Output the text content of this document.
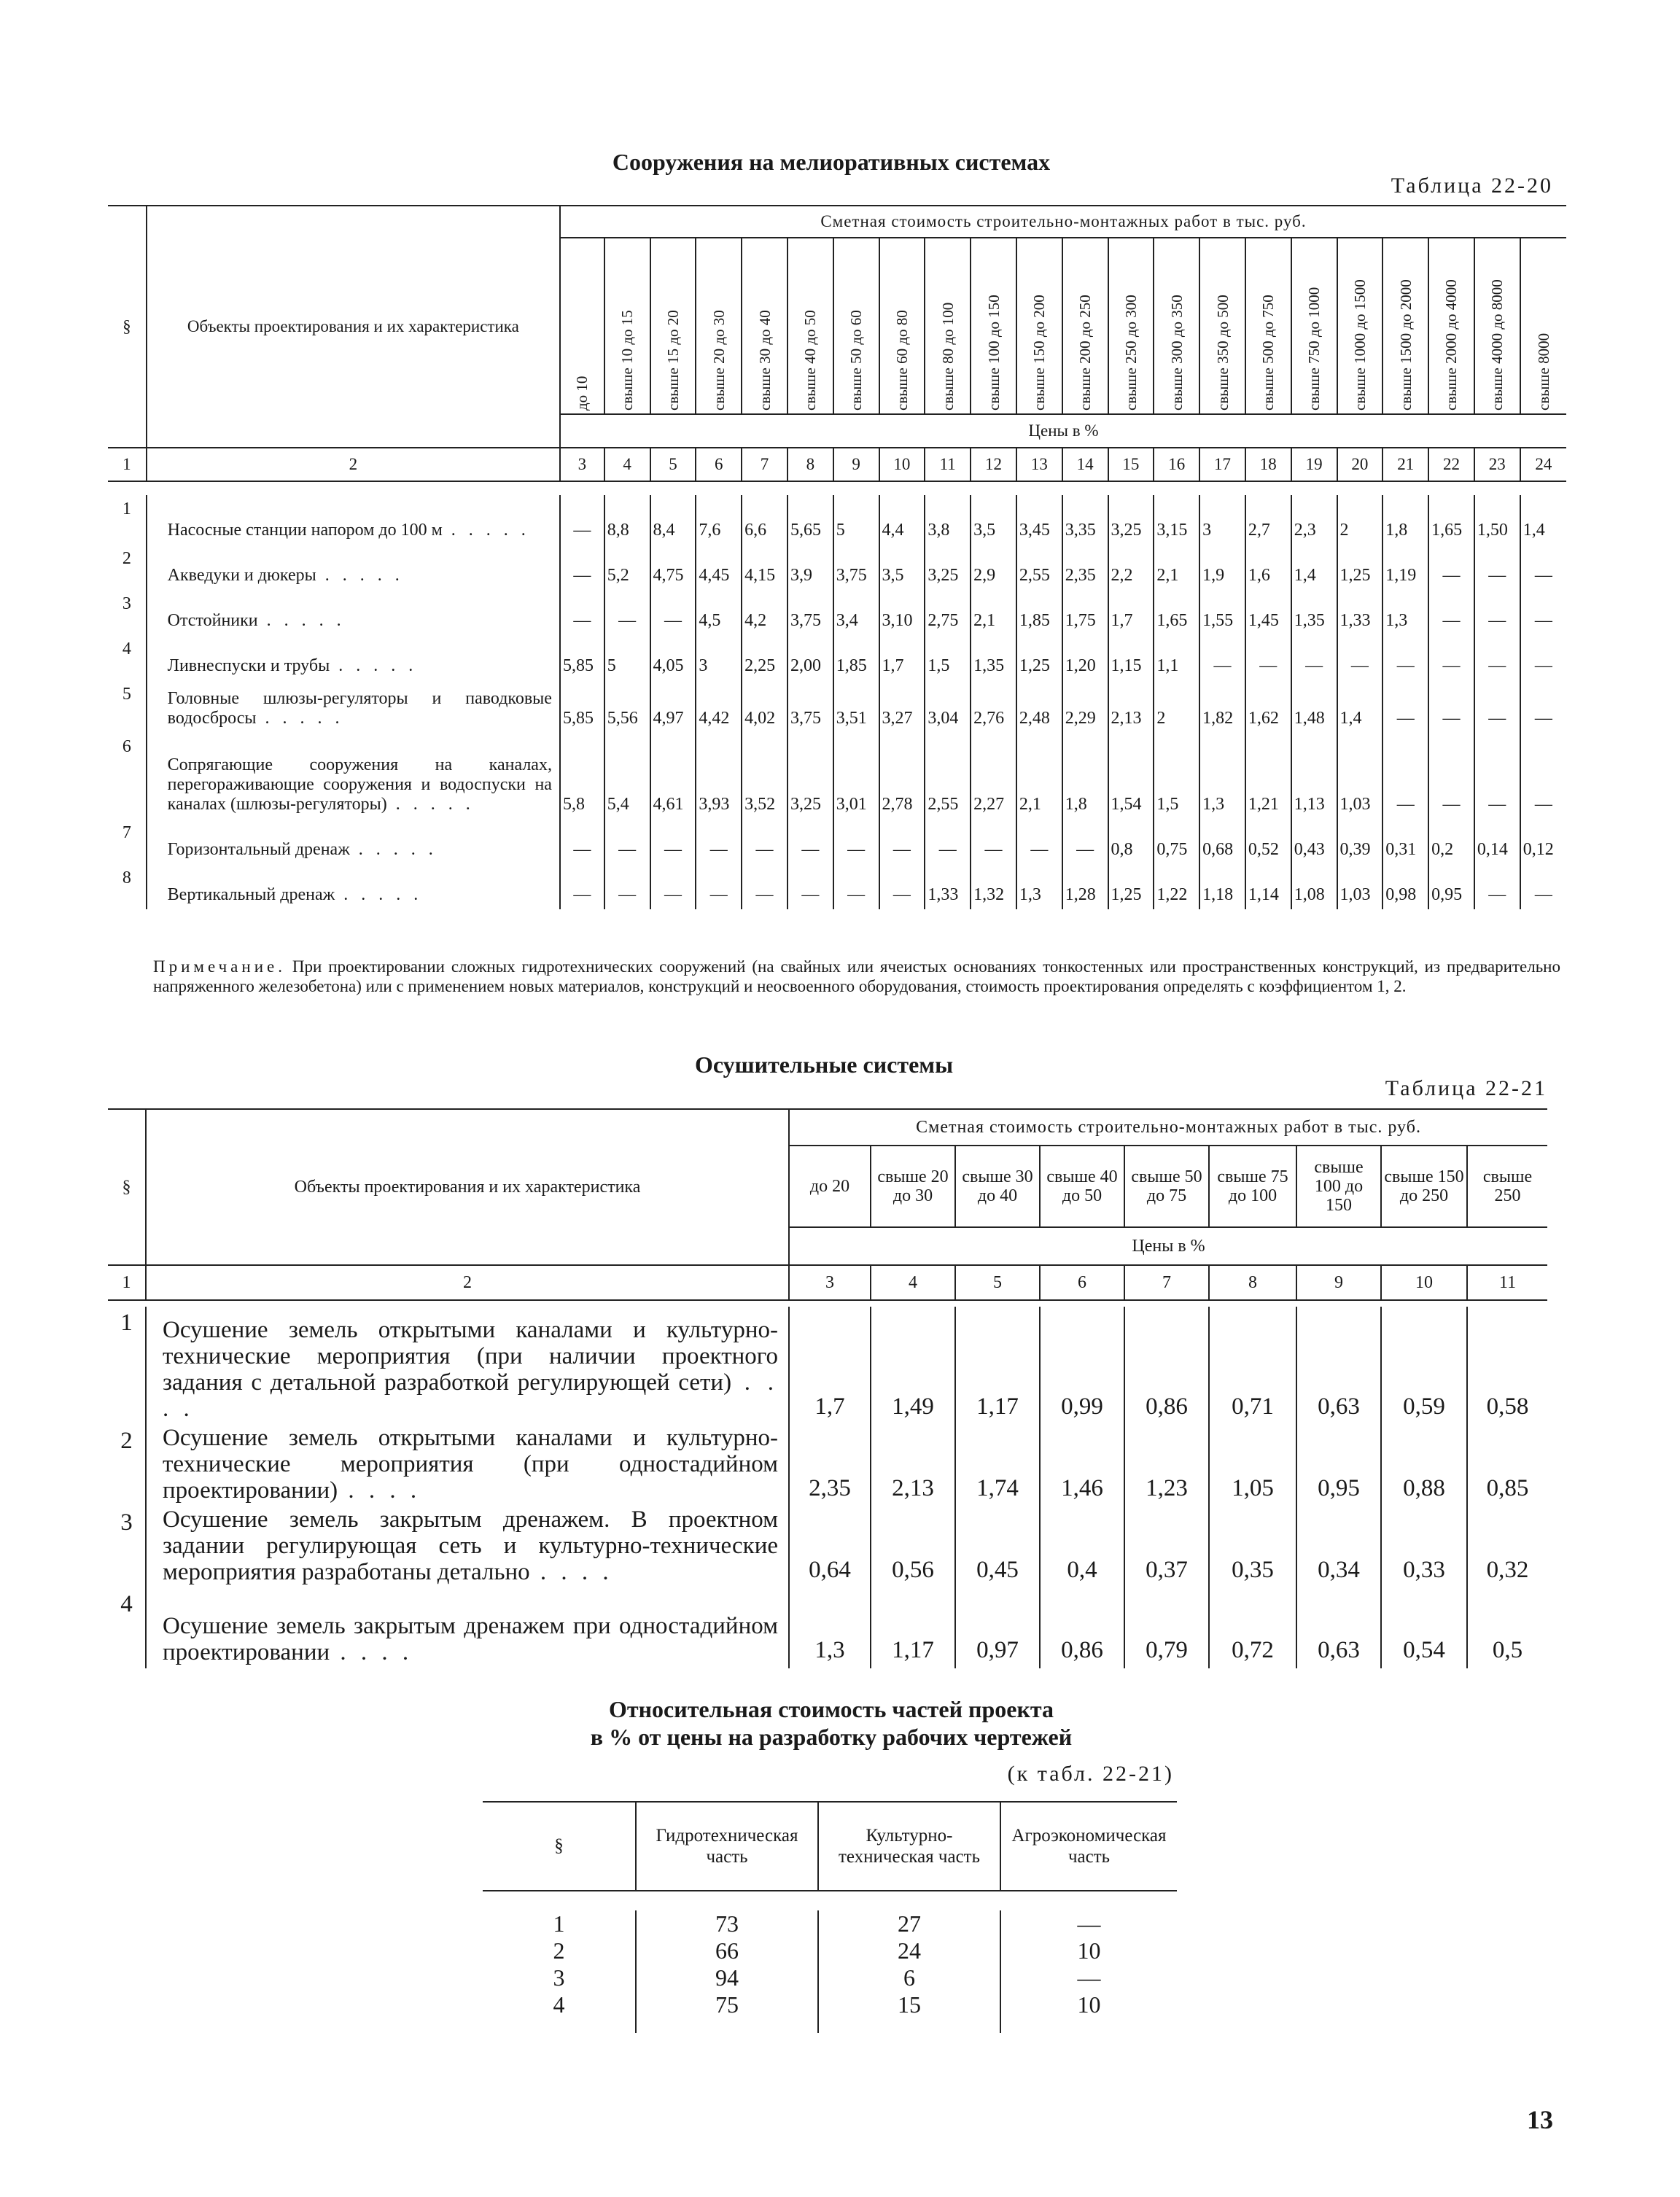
Сооружения на мелиоративных системах
Таблица 22-20
§	Объекты проектирования и их характеристика	Сметная стоимость строительно-монтажных работ в тыс. руб.																					

		до 10	свыше 10 до 15	свыше 15 до 20	свыше 20 до 30	свыше 30 до 40	свыше 40 до 50	свыше 50 до 60	свыше 60 до 80	свыше 80 до 100	свыше 100 до 150	свыше 150 до 200	свыше 200 до 250	свыше 250 до 300	свыше 300 до 350	свыше 350 до 500	свыше 500 до 750	свыше 750 до 1000	свыше 1000 до 1500	свыше 1500 до 2000	свыше 2000 до 4000	свыше 4000 до 8000	свыше 8000

		Цены в %																					
1	2	3	4	5	6	7	8	9	10	11	12	13	14	15	16	17	18	19	20	21	22	23	24

1	Насосные станции напором до 100 м . . . . .	—	8,8	8,4	7,6	6,6	5,65	5	4,4	3,8	3,5	3,45	3,35	3,25	3,15	3	2,7	2,3	2	1,8	1,65	1,50	1,4
2	Акведуки и дюкеры . . . . .	—	5,2	4,75	4,45	4,15	3,9	3,75	3,5	3,25	2,9	2,55	2,35	2,2	2,1	1,9	1,6	1,4	1,25	1,19	—	—	—
3	Отстойники . . . . .	—	—	—	4,5	4,2	3,75	3,4	3,10	2,75	2,1	1,85	1,75	1,7	1,65	1,55	1,45	1,35	1,33	1,3	—	—	—
4	Ливнеспуски и трубы . . . . .	5,85	5	4,05	3	2,25	2,00	1,85	1,7	1,5	1,35	1,25	1,20	1,15	1,1	—	—	—	—	—	—	—	—
5	Головные шлюзы-регуляторы и паводковые водосбросы . . . . .	5,85	5,56	4,97	4,42	4,02	3,75	3,51	3,27	3,04	2,76	2,48	2,29	2,13	2	1,82	1,62	1,48	1,4	—	—	—	—
6	Сопрягающие сооружения на каналах, перегораживающие сооружения и водоспуски на каналах (шлюзы-регуляторы) . . . . .	5,8	5,4	4,61	3,93	3,52	3,25	3,01	2,78	2,55	2,27	2,1	1,8	1,54	1,5	1,3	1,21	1,13	1,03	—	—	—	—
7	Горизонтальный дренаж . . . . .	—	—	—	—	—	—	—	—	—	—	—	—	0,8	0,75	0,68	0,52	0,43	0,39	0,31	0,2	0,14	0,12
8	Вертикальный дренаж . . . . .	—	—	—	—	—	—	—	—	1,33	1,32	1,3	1,28	1,25	1,22	1,18	1,14	1,08	1,03	0,98	0,95	—	—
Примечание. При проектировании сложных гидротехнических сооружений (на свайных или ячеистых основаниях тонкостенных или пространственных конструкций, из предварительно напряженного железобетона) или с применением новых материалов, конструкций и неосвоенного оборудования, стоимость проектирования определять с коэффициентом 1, 2.
Осушительные системы
Таблица 22-21
§	Объекты проектирования и их характеристика	Сметная стоимость строительно-монтажных работ в тыс. руб.								
		до 20	свыше 20 до 30	свыше 30 до 40	свыше 40 до 50	свыше 50 до 75	свыше 75 до 100	свыше 100 до 150	свыше 150 до 250	свыше 250
		Цены в %								
1	2	3	4	5	6	7	8	9	10	11

1	Осушение земель открытыми каналами и культурно-технические мероприятия (при наличии проектного задания с детальной разработкой регулирующей сети) . . . .	1,7	1,49	1,17	0,99	0,86	0,71	0,63	0,59	0,58
2	Осушение земель открытыми каналами и культурно-технические мероприятия (при одностадийном проектировании) . . . .	2,35	2,13	1,74	1,46	1,23	1,05	0,95	0,88	0,85
3	Осушение земель закрытым дренажем. В проектном задании регулирующая сеть и культурно-технические мероприятия разработаны детально . . . .	0,64	0,56	0,45	0,4	0,37	0,35	0,34	0,33	0,32
4	Осушение земель закрытым дренажем при одностадийном проектировании . . . .	1,3	1,17	0,97	0,86	0,79	0,72	0,63	0,54	0,5
Относительная стоимость частей проекта
в % от цены на разработку рабочих чертежей
(к табл. 22-21)
§	Гидротехническая часть	Культурно-техническая часть	Агроэкономическая часть

1	73	27	—
2	66	24	10
3	94	6	—
4	75	15	10

13
